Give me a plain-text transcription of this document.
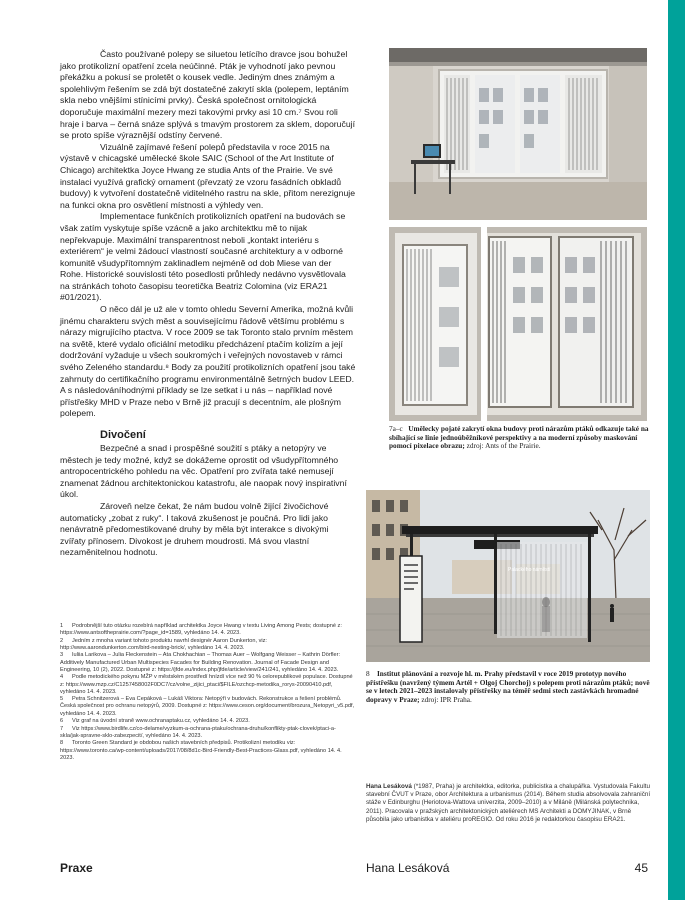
Často používané polepy se siluetou letícího dravce jsou bohužel jako protikolizní opatření zcela neúčinné. Pták je vyhodnotí jako pevnou překážku a pokusí se proletět o kousek vedle. Jediným dnes známým a spolehlivým řešením se zdá být dostatečné zakrytí skla (polepem, leptáním skla nebo vnějšími stínicími prvky). Česká společnost ornitologická doporučuje maximální mezery mezi takovými prvky asi 10 cm.⁷ Svou roli hraje i barva – černá snáze splývá s tmavým prostorem za sklem, doporučují se proto spíše výraznější odstíny červené.

Vizuálně zajímavé řešení polepů představila v roce 2015 na výstavě v chicagské umělecké škole SAIC (School of the Art Institute of Chicago) architektka Joyce Hwang ze studia Ants of the Prairie. Ve své instalaci využívá grafický ornament (převzatý ze vzoru fasádních obkladů budovy) k vytvoření dostatečně viditelného rastru na skle, přitom nerezignuje na funkci okna pro osvětlení místnosti a výhledy ven.

Implementace funkčních protikolizních opatření na budovách se však zatím vyskytuje spíše vzácně a jako architektku mě to nijak nepřekvapuje. Maximální transparentnost neboli „kontakt interiéru s exteriérem“ je velmi žádoucí vlastností současné architektury a v odborné komunitě všudypřítomným zaklinadlem nejméně od dob Miese van der Rohe. Historické souvislosti této posedlosti průhledy nedávno vysvětlovala na stránkách tohoto časopisu teoretička Beatriz Colomina (viz ERA21 #01/2021).

O něco dál je už ale v tomto ohledu Severní Amerika, možná kvůli jinému charakteru svých měst a souvisejícímu řádově většímu problému s nárazy migrujícího ptactva. V roce 2009 se tak Toronto stalo prvním městem na světě, které vydalo oficiální metodiku předcházení ptačím kolizím a její dodržování vyžaduje u všech soukromých i veřejných novostaveb v rámci svého Zeleného standardu.⁸ Body za použití protikolizních opatření jsou také zahrnuty do certifikačního programu environmentálně šetrných budov LEED. A s následováníhodnými příklady se lze setkat i u nás – například nové přístřešky MHD v Praze nebo v Brně již pracují s decentním, ale plošným polepem.

Divočení

Bezpečné a snad i prospěšné soužití s ptáky a netopýry ve městech je tedy možné, když se dokážeme oprostit od všudypřítomného antropocentrického pohledu na věc. Opatření pro zvířata také nemusejí znamenat žádnou architektonickou katastrofu, ale naopak nový inspirativní úkol.

Zároveň nelze čekat, že nám budou volně žijící živočichové automaticky „zobat z ruky“. I taková zkušenost je poučná. Pro lidi jako nenávratně předomestikované druhy by měla být interakce s divokými zvířaty přínosem. Divokost je druhem moudrosti. Má svou vlastní nezaměnitelnou hodnotu.

1 Podrobnější tuto otázku rozebírá například architektka Joyce Hwang v textu Living Among Pests; dostupné z: https://www.antsoftheprairie.com/?page_id=1589, vyhledáno 14. 4. 2023.
2 Jedním z mnoha variant tohoto produktu navrhl designér Aaron Dunkerton, viz: http://www.aarondunkerton.com/bird-nesting-brick/, vyhledáno 14. 4. 2023.
3 Iuliia Larikova – Julia Fleckenstein – Ata Chokhachian – Thomas Auer – Wolfgang Weisser – Kathrin Dörfler: Additively Manufactured Urban Multispecies Facades for Building Renovation. Journal of Facade Design and Engineering, 10 (2), 2022. Dostupné z: https://jfde.eu/index.php/jfde/article/view/241/241, vyhledáno 14. 4. 2023.
4 Podle metodického pokynu MŽP v městském prostředí hnízdí více než 90 % celorepublikové populace. Dostupné z: https://www.mzp.cz/C1257458002F0DC7/cz/volne_zijici_ptaci/$FILE/ozchcp-metodika_rorys-20090410.pdf, vyhledáno 14. 4. 2023.
5 Petra Schnitzerová – Eva Cepáková – Lukáš Viktora: Netopýři v budovách. Rekonstrukce a řešení problémů. Česká společnost pro ochranu netopýrů, 2009. Dostupné z: https://www.ceson.org/document/brozura_Netopyri_v5.pdf, vyhledáno 14. 4. 2023.
6 Viz graf na úvodní straně www.ochranaptaku.cz, vyhledáno 14. 4. 2023.
7 Viz https://www.birdlife.cz/co-delame/vyzkum-a-ochrana-ptaku/ochrana-druhu/konflikty-ptak-clovek/ptaci-a-skla/jak-spravne-sklo-zabezpecit/, vyhledáno 14. 4. 2023.
8 Toronto Green Standard je obdobou našich stavebních předpisů. Protikolizní metodiku viz: https://www.toronto.ca/wp-content/uploads/2017/08/8d1c-Bird-Friendly-Best-Practices-Glass.pdf, vyhledáno 14. 4. 2023.
7a–c Umělecky pojaté zakrytí okna budovy proti nárazům ptáků odkazuje také na sbíhající se linie jednoúběžníkové perspektivy a na moderní způsoby maskování pomocí pixelace obrazu; zdroj: Ants of the Prairie.
Palackého náměstí
8 Institut plánování a rozvoje hl. m. Prahy představil v roce 2019 prototyp nového přístřešku (navržený týmem Artél + Olgoj Chorchoj) s polepem proti nárazům ptáků; nově se v letech 2021–2023 instalovaly přístřešky na téměř sedmi stech zastávkách hromadné dopravy v Praze; zdroj: IPR Praha.
Hana Lesáková (*1987, Praha) je architektka, editorka, publicistka a chalupářka. Vystudovala Fakultu stavební ČVUT v Praze, obor Architektura a urbanismus (2014). Během studia absolvovala zahraniční stáže v Edinburghu (Heriotova-Wattova univerzita, 2009–2010) a v Miláně (Milánská polytechnika, 2011). Pracovala v pražských architektonických ateliérech MS Architekti a DOMYJINAK, v Brně působila jako urbanistka v ateliéru proREGIO. Od roku 2016 je redaktorkou časopisu ERA21.
Praxe	Hana Lesáková	45
